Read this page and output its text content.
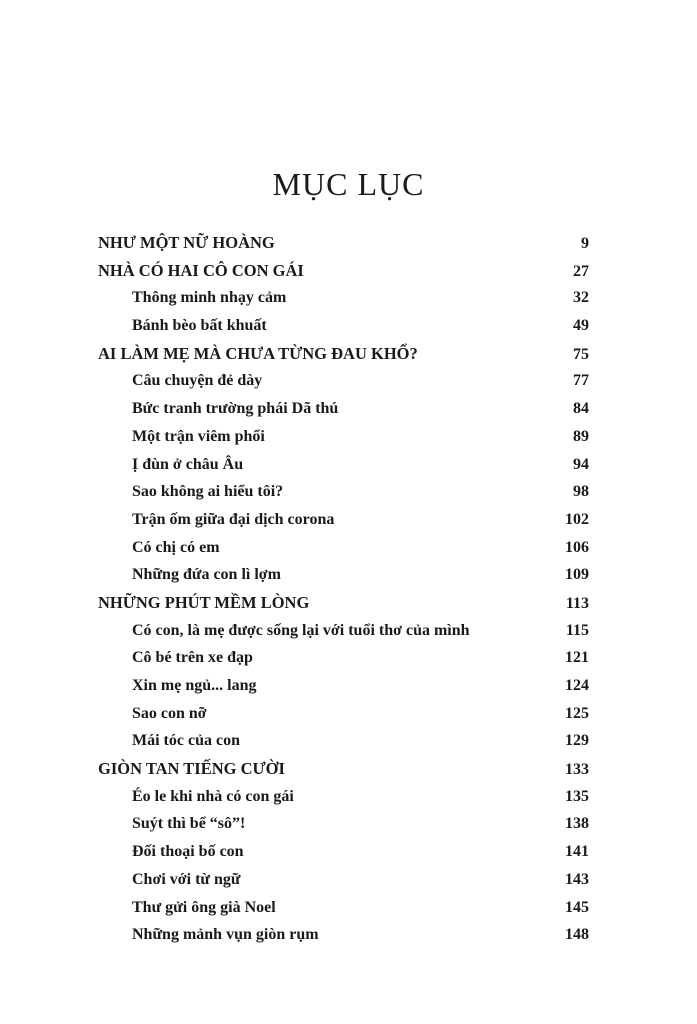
MỤC LỤC
NHƯ MỘT NỮ HOÀNG	9
NHÀ CÓ HAI CÔ CON GÁI	27
Thông minh nhạy cảm	32
Bánh bèo bất khuất	49
AI LÀM MẸ MÀ CHƯA TỪNG ĐAU KHỔ?	75
Câu chuyện đẻ dày	77
Bức tranh trường phái Dã thú	84
Một trận viêm phổi	89
Ị đùn ở châu Âu	94
Sao không ai hiểu tôi?	98
Trận ốm giữa đại dịch corona	102
Có chị có em	106
Những đứa con lì lợm	109
NHỮNG PHÚT MỀM LÒNG	113
Có con, là mẹ được sống lại với tuổi thơ của mình	115
Cô bé trên xe đạp	121
Xin mẹ ngủ... lang	124
Sao con nỡ	125
Mái tóc của con	129
GIÒN TAN TIẾNG CƯỜI	133
Éo le khi nhà có con gái	135
Suýt thì bể “sô”!	138
Đối thoại bố con	141
Chơi với từ ngữ	143
Thư gửi ông già Noel	145
Những mảnh vụn giòn rụm	148
